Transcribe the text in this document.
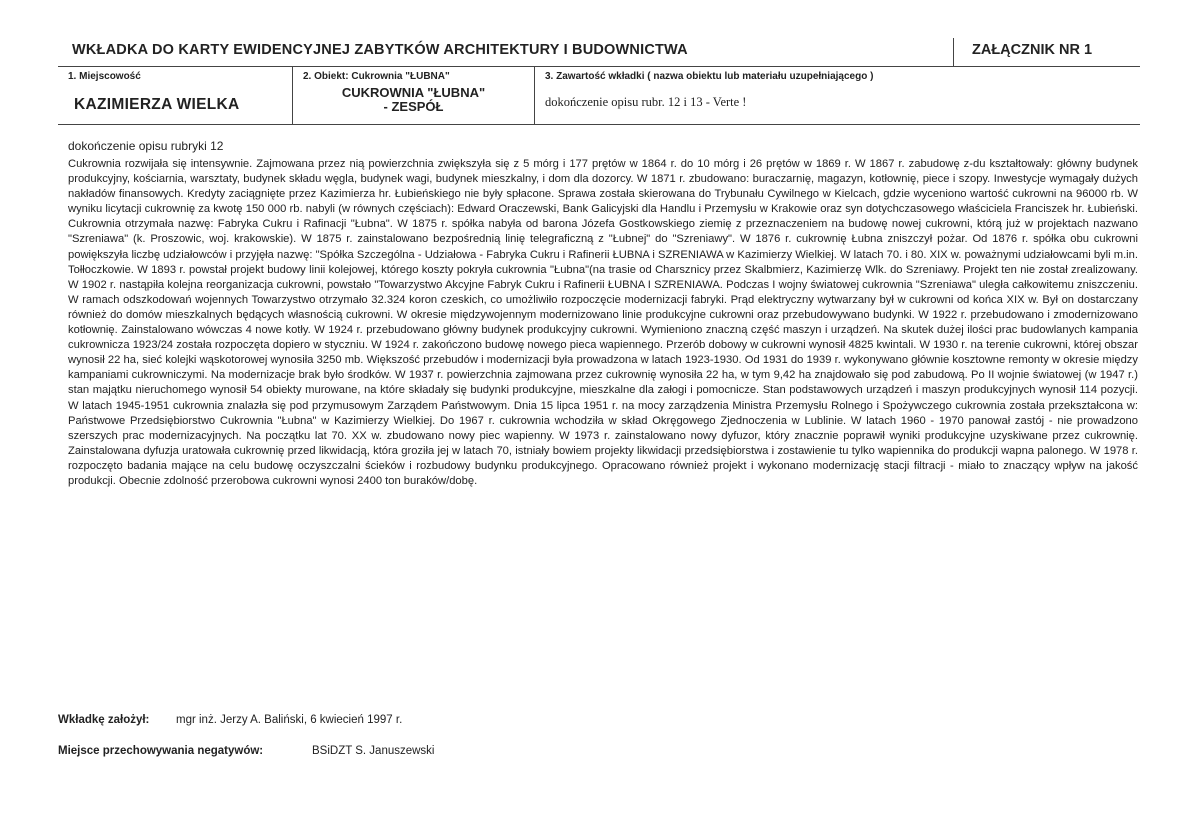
WKŁADKA DO KARTY EWIDENCYJNEJ ZABYTKÓW ARCHITEKTURY I BUDOWNICTWA	ZAŁĄCZNIK NR 1
1. Miejscowość
KAZIMIERZA WIELKA
2. Obiekt: Cukrownia "ŁUBNA"
CUKROWNIA "ŁUBNA"
- ZESPÓŁ
3. Zawartość wkładki ( nazwa obiektu lub materiału uzupełniającego )
dokończenie opisu rubr. 12 i 13 - Verte !
dokończenie opisu rubryki 12
Cukrownia rozwijała się intensywnie. Zajmowana przez nią powierzchnia zwiększyła się z 5 mórg i 177 prętów w 1864 r. do 10 mórg i 26 prętów w 1869 r. W 1867 r. zabudowę z-du kształtowały: główny budynek produkcyjny, kościarnia, warsztaty, budynek składu węgla, budynek wagi, budynek mieszkalny, i dom dla dozorcy. W 1871 r. zbudowano: buraczarnię, magazyn, kotłownię, piece i szopy. Inwestycje wymagały dużych nakładów finansowych. Kredyty zaciągnięte przez Kazimierza hr. Łubieńskiego nie były spłacone. Sprawa została skierowana do Trybunału Cywilnego w Kielcach, gdzie wyceniono wartość cukrowni na 96000 rb. W wyniku licytacji cukrownię za kwotę 150 000 rb. nabyli (w równych częściach): Edward Oraczewski, Bank Galicyjski dla Handlu i Przemysłu w Krakowie oraz syn dotychczasowego właściciela Franciszek hr. Łubieński. Cukrownia otrzymała nazwę: Fabryka Cukru i Rafinacji "Łubna". W 1875 r. spółka nabyła od barona Józefa Gostkowskiego ziemię z przeznaczeniem na budowę nowej cukrowni, którą już w projektach nazwano "Szreniawa" (k. Proszowic, woj. krakowskie). W 1875 r. zainstalowano bezpośrednią linię telegraficzną z "Łubnej" do "Szreniawy". W 1876 r. cukrownię Łubna zniszczył pożar. Od 1876 r. spółka obu cukrowni powiększyła liczbę udziałowców i przyjęła nazwę: "Spółka Szczególna - Udziałowa - Fabryka Cukru i Rafinerii ŁUBNA i SZRENIAWA w Kazimierzy Wielkiej. W latach 70. i 80. XIX w. poważnymi udziałowcami byli m.in. Tołłoczkowie. W 1893 r. powstał projekt budowy linii kolejowej, którego koszty pokryła cukrownia "Łubna"(na trasie od Charsznicy przez Skalbmierz, Kazimierzę Wlk. do Szreniawy. Projekt ten nie został zrealizowany. W 1902 r. nastąpiła kolejna reorganizacja cukrowni, powstało "Towarzystwo Akcyjne Fabryk Cukru i Rafinerii ŁUBNA I SZRENIAWA. Podczas I wojny światowej cukrownia "Szreniawa" uległa całkowitemu zniszczeniu. W ramach odszkodowań wojennych Towarzystwo otrzymało 32.324 koron czeskich, co umożliwiło rozpoczęcie modernizacji fabryki. Prąd elektryczny wytwarzany był w cukrowni od końca XIX w. Był on dostarczany również do domów mieszkalnych będących własnością cukrowni. W okresie międzywojennym modernizowano linie produkcyjne cukrowni oraz przebudowywano budynki. W 1922 r. przebudowano i zmodernizowano kotłownię. Zainstalowano wówczas 4 nowe kotły. W 1924 r. przebudowano główny budynek produkcyjny cukrowni. Wymieniono znaczną część maszyn i urządzeń. Na skutek dużej ilości prac budowlanych kampania cukrownicza 1923/24 została rozpoczęta dopiero w styczniu. W 1924 r. zakończono budowę nowego pieca wapiennego. Przerób dobowy w cukrowni wynosił 4825 kwintali. W 1930 r. na terenie cukrowni, której obszar wynosił 22 ha, sieć kolejki wąskotorowej wynosiła 3250 mb. Większość przebudów i modernizacji była prowadzona w latach 1923-1930. Od 1931 do 1939 r. wykonywano głównie kosztowne remonty w okresie między kampaniami cukrowniczymi. Na modernizacje brak było środków. W 1937 r. powierzchnia zajmowana przez cukrownię wynosiła 22 ha, w tym 9,42 ha znajdowało się pod zabudową. Po II wojnie światowej (w 1947 r.) stan majątku nieruchomego wynosił 54 obiekty murowane, na które składały się budynki produkcyjne, mieszkalne dla załogi i pomocnicze. Stan podstawowych urządzeń i maszyn produkcyjnych wynosił 114 pozycji. W latach 1945-1951 cukrownia znalazła się pod przymusowym Zarządem Państwowym. Dnia 15 lipca 1951 r. na mocy zarządzenia Ministra Przemysłu Rolnego i Spożywczego cukrownia została przekształcona w: Państwowe Przedsiębiorstwo Cukrownia "Łubna" w Kazimierzy Wielkiej. Do 1967 r. cukrownia wchodziła w skład Okręgowego Zjednoczenia w Lublinie. W latach 1960 - 1970 panował zastój - nie prowadzono szerszych prac modernizacyjnych. Na początku lat 70. XX w. zbudowano nowy piec wapienny. W 1973 r. zainstalowano nowy dyfuzor, który znacznie poprawił wyniki produkcyjne uzyskiwane przez cukrownię. Zainstalowana dyfuzja uratowała cukrownię przed likwidacją, która groziła jej w latach 70, istniały bowiem projekty likwidacji przedsiębiorstwa i zostawienie tu tylko wapiennika do produkcji wapna palonego. W 1978 r. rozpoczęto badania mające na celu budowę oczyszczalni ścieków i rozbudowy budynku produkcyjnego. Opracowano również projekt i wykonano modernizację stacji filtracji - miało to znaczący wpływ na jakość produkcji. Obecnie zdolność przerobowa cukrowni wynosi 2400 ton buraków/dobę.
Wkładkę założył: mgr inż. Jerzy A. Baliński, 6 kwiecień 1997 r.
Miejsce przechowywania negatywów:	BSiDZT S. Januszewski
